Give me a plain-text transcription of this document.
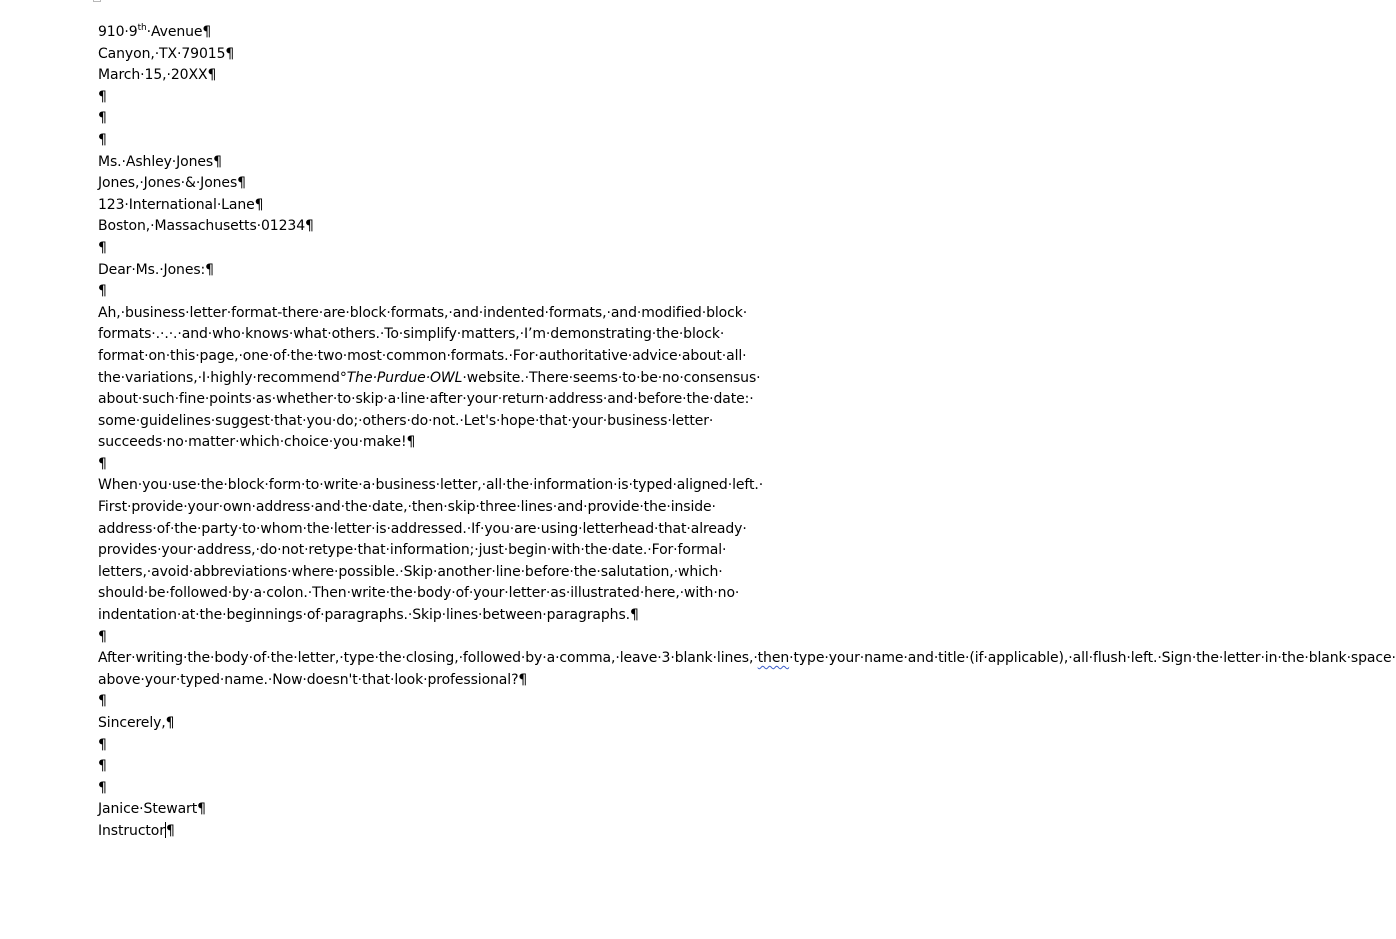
910·9th·Avenue¶
Canyon,·TX·79015¶
March·15,·20XX¶
¶
¶
¶
Ms.·Ashley·Jones¶
Jones,·Jones·&·Jones¶
123·International·Lane¶
Boston,·Massachusetts·01234¶
¶
Dear·Ms.·Jones:¶
¶
Ah,·business·letter·format-there·are·block·formats,·and·indented·formats,·and·modified·block· formats·.·.·.·and·who·knows·what·others.·To·simplify·matters,·I’m·demonstrating·the·block· format·on·this·page,·one·of·the·two·most·common·formats.·For·authoritative·advice·about·all· the·variations,·I·highly·recommend°The·Purdue·OWL·website.·There·seems·to·be·no·consensus· about·such·fine·points·as·whether·to·skip·a·line·after·your·return·address·and·before·the·date:· some·guidelines·suggest·that·you·do;·others·do·not.·Let's·hope·that·your·business·letter· succeeds·no·matter·which·choice·you·make!¶
¶
When·you·use·the·block·form·to·write·a·business·letter,·all·the·information·is·typed·aligned·left.· First·provide·your·own·address·and·the·date,·then·skip·three·lines·and·provide·the·inside· address·of·the·party·to·whom·the·letter·is·addressed.·If·you·are·using·letterhead·that·already· provides·your·address,·do·not·retype·that·information;·just·begin·with·the·date.·For·formal· letters,·avoid·abbreviations·where·possible.·Skip·another·line·before·the·salutation,·which· should·be·followed·by·a·colon.·Then·write·the·body·of·your·letter·as·illustrated·here,·with·no· indentation·at·the·beginnings·of·paragraphs.·Skip·lines·between·paragraphs.¶
¶
After·writing·the·body·of·the·letter,·type·the·closing,·followed·by·a·comma,·leave·3·blank·lines,·then·type·your·name·and·title·(if·applicable),·all·flush·left.·Sign·the·letter·in·the·blank·space· above·your·typed·name.·Now·doesn't·that·look·professional?¶
¶
Sincerely,¶
¶
¶
¶
Janice·Stewart¶
Instructor¶
